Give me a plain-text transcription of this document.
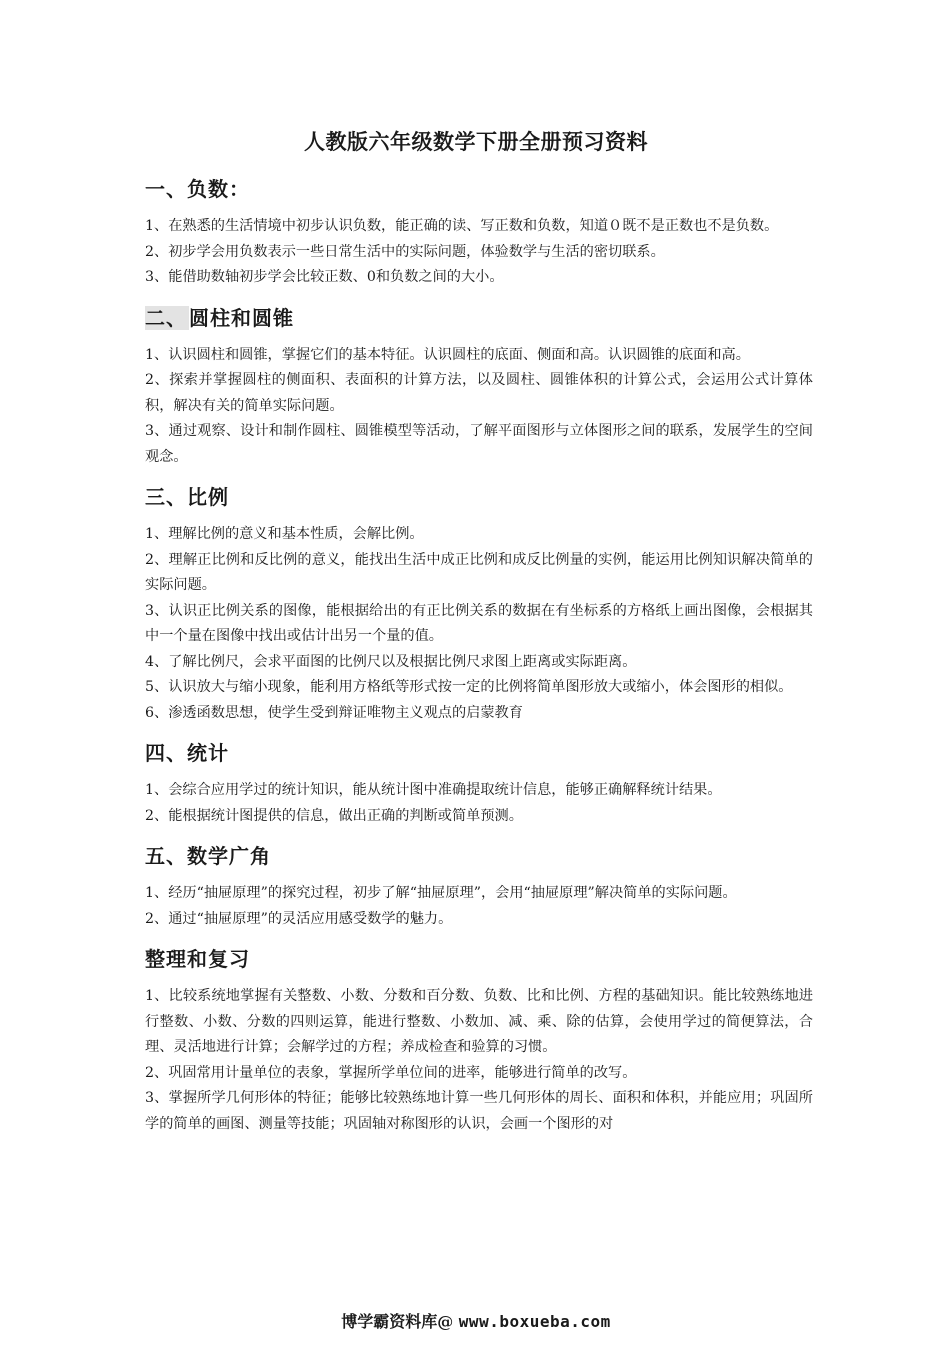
人教版六年级数学下册全册预习资料
一、负数：

1、在熟悉的生活情境中初步认识负数，能正确的读、写正数和负数，知道０既不是正数也不是负数。

2、初步学会用负数表示一些日常生活中的实际问题，体验数学与生活的密切联系。

3、能借助数轴初步学会比较正数、0和负数之间的大小。

二、 圆柱和圆锥

1、认识圆柱和圆锥，掌握它们的基本特征。认识圆柱的底面、侧面和高。认识圆锥的底面和高。

2、探索并掌握圆柱的侧面积、表面积的计算方法，以及圆柱、圆锥体积的计算公式，会运用公式计算体积，解决有关的简单实际问题。

3、通过观察、设计和制作圆柱、圆锥模型等活动，了解平面图形与立体图形之间的联系，发展学生的空间观念。

三、比例

1、理解比例的意义和基本性质，会解比例。

2、理解正比例和反比例的意义，能找出生活中成正比例和成反比例量的实例，能运用比例知识解决简单的实际问题。

3、认识正比例关系的图像，能根据给出的有正比例关系的数据在有坐标系的方格纸上画出图像，会根据其中一个量在图像中找出或估计出另一个量的值。

4、了解比例尺，会求平面图的比例尺以及根据比例尺求图上距离或实际距离。

5、认识放大与缩小现象，能利用方格纸等形式按一定的比例将简单图形放大或缩小，体会图形的相似。

6、渗透函数思想，使学生受到辩证唯物主义观点的启蒙教育

四、统计

1、会综合应用学过的统计知识，能从统计图中准确提取统计信息，能够正确解释统计结果。

2、能根据统计图提供的信息，做出正确的判断或简单预测。

五、数学广角

1、经历“抽屉原理”的探究过程，初步了解“抽屉原理”，会用“抽屉原理”解决简单的实际问题。

2、通过“抽屉原理”的灵活应用感受数学的魅力。

整理和复习

1、比较系统地掌握有关整数、小数、分数和百分数、负数、比和比例、方程的基础知识。能比较熟练地进行整数、小数、分数的四则运算，能进行整数、小数加、减、乘、除的估算，会使用学过的简便算法，合理、灵活地进行计算；会解学过的方程；养成检查和验算的习惯。

2、巩固常用计量单位的表象，掌握所学单位间的进率，能够进行简单的改写。

3、掌握所学几何形体的特征；能够比较熟练地计算一些几何形体的周长、面积和体积，并能应用；巩固所学的简单的画图、测量等技能；巩固轴对称图形的认识，会画一个图形的对

博学霸资料库@ www.boxueba.com
